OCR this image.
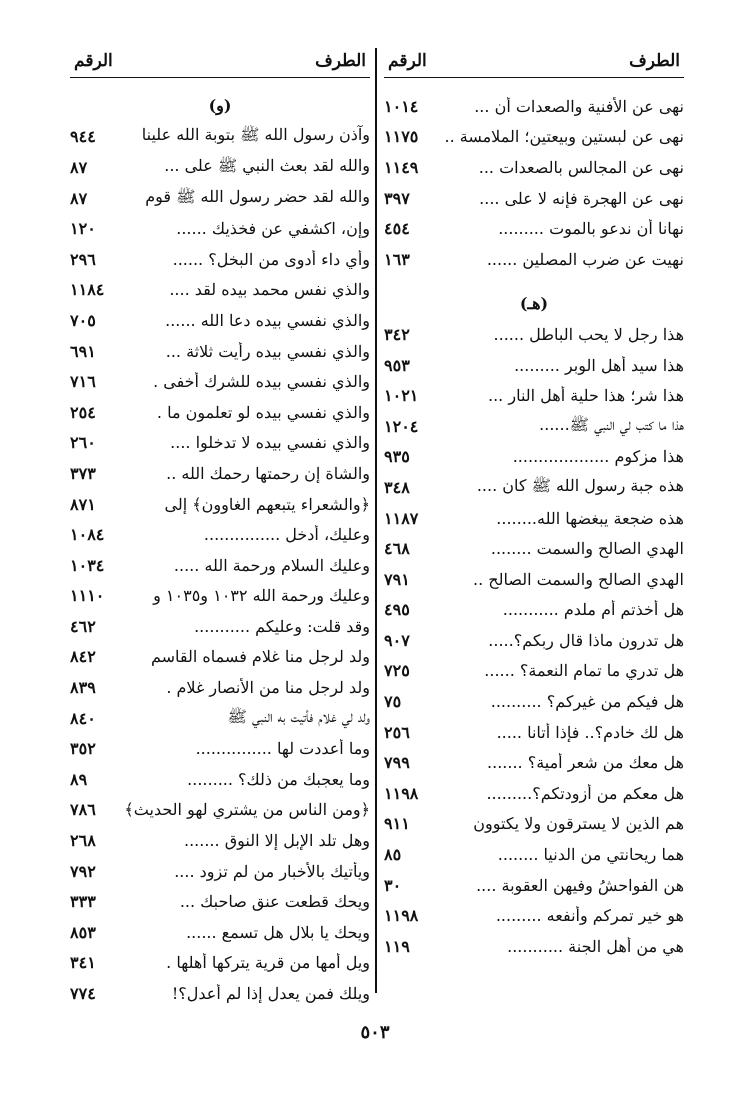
الطرف
الرقم
نهى عن الأفنية والصعدات أن ...
١٠١٤
نهى عن لبستين وبيعتين؛ الملامسة ..
١١٧٥
نهى عن المجالس بالصعدات ...
١١٤٩
نهى عن الهجرة فإنه لا على ....
٣٩٧
نهانا أن ندعو بالموت .........
٤٥٤
نهيت عن ضرب المصلين ......
١٦٣
(هـ)
هذا رجل لا يحب الباطل ......
٣٤٢
هذا سيد أهل الوبر .........
٩٥٣
هذا شر؛ هذا حلية أهل النار ...
١٠٢١
هذا ما كتب لي النبي ﷺ......
١٢٠٤
هذا مزكوم ...................
٩٣٥
هذه جبة رسول الله ﷺ كان ....
٣٤٨
هذه ضجعة يبغضها الله........
١١٨٧
الهدي الصالح والسمت ........
٤٦٨
الهدي الصالح والسمت الصالح ..
٧٩١
هل أخذتم أم ملدم ...........
٤٩٥
هل تدرون ماذا قال ربكم؟.....
٩٠٧
هل تدري ما تمام النعمة؟ ......
٧٢٥
هل فيكم من غيركم؟ ..........
٧٥
هل لك خادم؟.. فإذا أتانا .....
٢٥٦
هل معك من شعر أمية؟ .......
٧٩٩
هل معكم من أزودتكم؟.........
١١٩٨
هم الذين لا يسترقون ولا يكتوون
٩١١
هما ريحانتي من الدنيا ........
٨٥
هن الفواحشُ وفيهن العقوبة ....
٣٠
هو خير تمركم وأنفعه .........
١١٩٨
هي من أهل الجنة ...........
١١٩
الطرف
الرقم
(و)
وآذن رسول الله ﷺ بتوبة الله علينا
٩٤٤
والله لقد بعث النبي ﷺ على ...
٨٧
والله لقد حضر رسول الله ﷺ قوم
٨٧
وإن، اكشفي عن فخذيك ......
١٢٠
وأي داء أدوى من البخل؟ ......
٢٩٦
والذي نفس محمد بيده لقد ....
١١٨٤
والذي نفسي بيده دعا الله ......
٧٠٥
والذي نفسي بيده رأيت ثلاثة ...
٦٩١
والذي نفسي بيده للشرك أخفى .
٧١٦
والذي نفسي بيده لو تعلمون ما .
٢٥٤
والذي نفسي بيده لا تدخلوا ....
٢٦٠
والشاة إن رحمتها رحمك الله ..
٣٧٣
﴿والشعراء يتبعهم الغاوون﴾ إلى
٨٧١
وعليك، أدخل ...............
١٠٨٤
وعليك السلام ورحمة الله .....
١٠٣٤
وعليك ورحمة الله ١٠٣٢ و١٠٣٥ و
١١١٠
وقد قلت: وعليكم ...........
٤٦٢
ولد لرجل منا غلام فسماه القاسم
٨٤٢
ولد لرجل منا من الأنصار غلام .
٨٣٩
ولد لي غلام فأتيت به النبي ﷺ
٨٤٠
وما أعددت لها ...............
٣٥٢
وما يعجبك من ذلك؟ .........
٨٩
﴿ومن الناس من يشتري لهو الحديث﴾
٧٨٦
وهل تلد الإبل إلا النوق .......
٢٦٨
ويأتيك بالأخبار من لم تزود ....
٧٩٢
ويحك قطعت عنق صاحبك ...
٣٣٣
ويحك يا بلال هل تسمع ......
٨٥٣
ويل أمها من قرية يتركها أهلها .
٣٤١
ويلك فمن يعدل إذا لم أعدل؟!
٧٧٤
٥٠٣
